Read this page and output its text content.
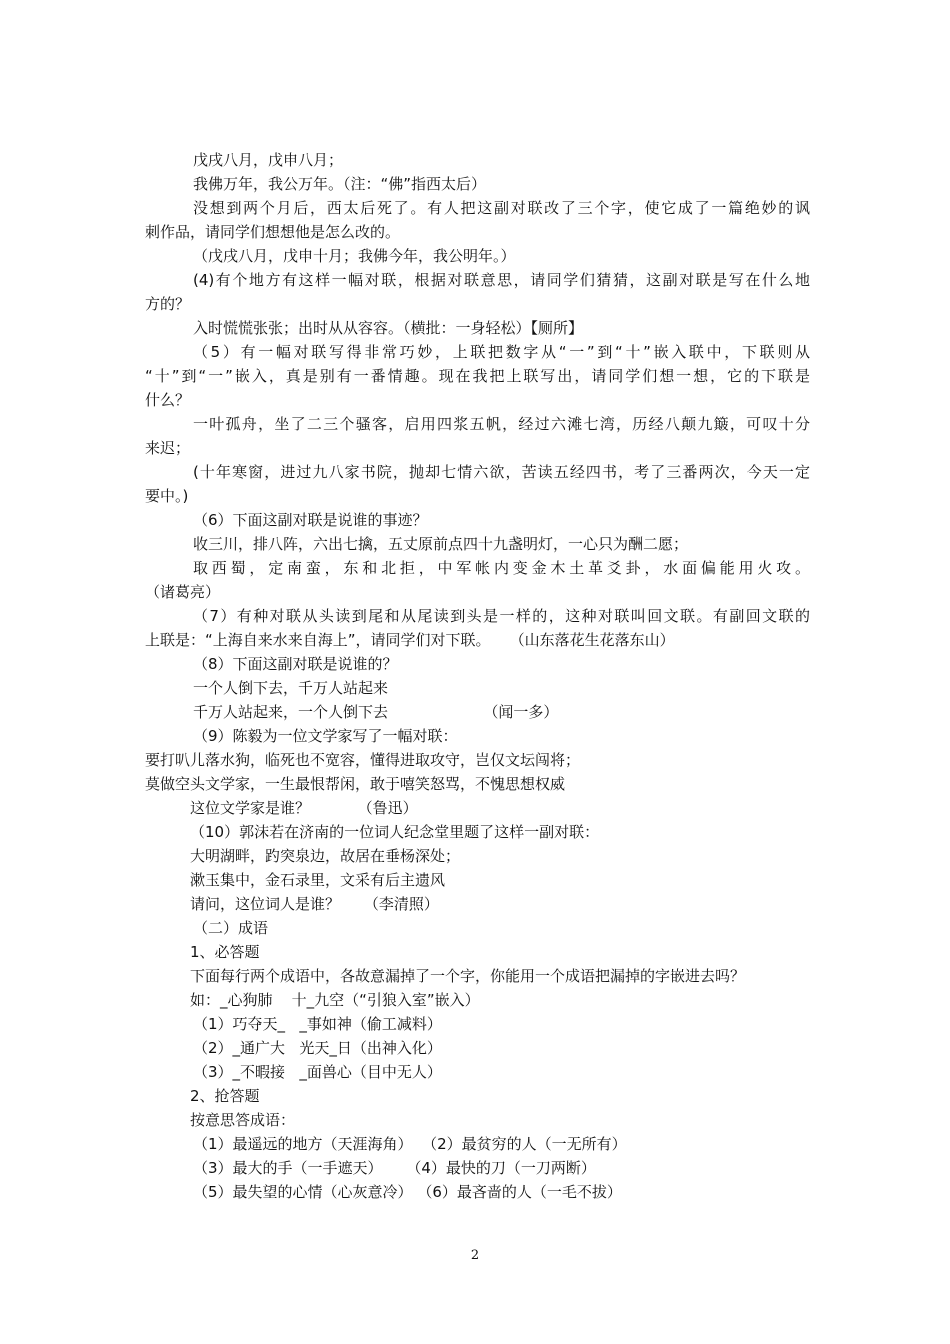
戊戌八月，戊申八月；
我佛万年，我公万年。（注：“佛”指西太后）
没想到两个月后，西太后死了。有人把这副对联改了三个字，使它成了一篇绝妙的讽
刺作品，请同学们想想他是怎么改的。
（戊戌八月，戊申十月；我佛今年，我公明年。）
(4)有个地方有这样一幅对联，根据对联意思，请同学们猜猜，这副对联是写在什么地
方的？
入时慌慌张张；出时从从容容。（横批：一身轻松）【厕所】
（5）有一幅对联写得非常巧妙，上联把数字从“一”到“十”嵌入联中，下联则从
“十”到“一”嵌入，真是别有一番情趣。现在我把上联写出，请同学们想一想，它的下联是
什么？
一叶孤舟，坐了二三个骚客，启用四浆五帆，经过六滩七湾，历经八颠九簸，可叹十分
来迟；
(十年寒窗，进过九八家书院，抛却七情六欲，苦读五经四书，考了三番两次，今天一定
要中。)
（6）下面这副对联是说谁的事迹？
收三川，排八阵，六出七擒，五丈原前点四十九盏明灯，一心只为酬二愿；
取西蜀，定南蛮，东和北拒，中军帐内变金木土革爻卦，水面偏能用火攻。
（诸葛亮）
（7）有种对联从头读到尾和从尾读到头是一样的，这种对联叫回文联。有副回文联的
上联是：“上海自来水来自海上”，请同学们对下联。    （山东落花生花落东山）
（8）下面这副对联是说谁的？
一个人倒下去，千万人站起来
千万人站起来，一个人倒下去                    （闻一多）
（9）陈毅为一位文学家写了一幅对联：
要打叭儿落水狗，临死也不宽容，懂得进取攻守，岂仅文坛闯将；
莫做空头文学家，一生最恨帮闲，敢于嘻笑怒骂，不愧思想权威
这位文学家是谁？          （鲁迅）
（10）郭沫若在济南的一位词人纪念堂里题了这样一副对联：
大明湖畔，趵突泉边，故居在垂杨深处；
漱玉集中，金石录里，文采有后主遗风
请问，这位词人是谁？     （李清照）
（二）成语
1、必答题
下面每行两个成语中，各故意漏掉了一个字，你能用一个成语把漏掉的字嵌进去吗？
如：_心狗肺    十_九空（“引狼入室”嵌入）
（1）巧夺天_   _事如神（偷工减料）
（2）_通广大   光天_日（出神入化）
（3）_不暇接   _面兽心（目中无人）
2、抢答题
按意思答成语：
（1）最遥远的地方（天涯海角）  （2）最贫穷的人（一无所有）
（3）最大的手（一手遮天）     （4）最快的刀（一刀两断）
（5）最失望的心情（心灰意冷） （6）最吝啬的人（一毛不拔）
2
